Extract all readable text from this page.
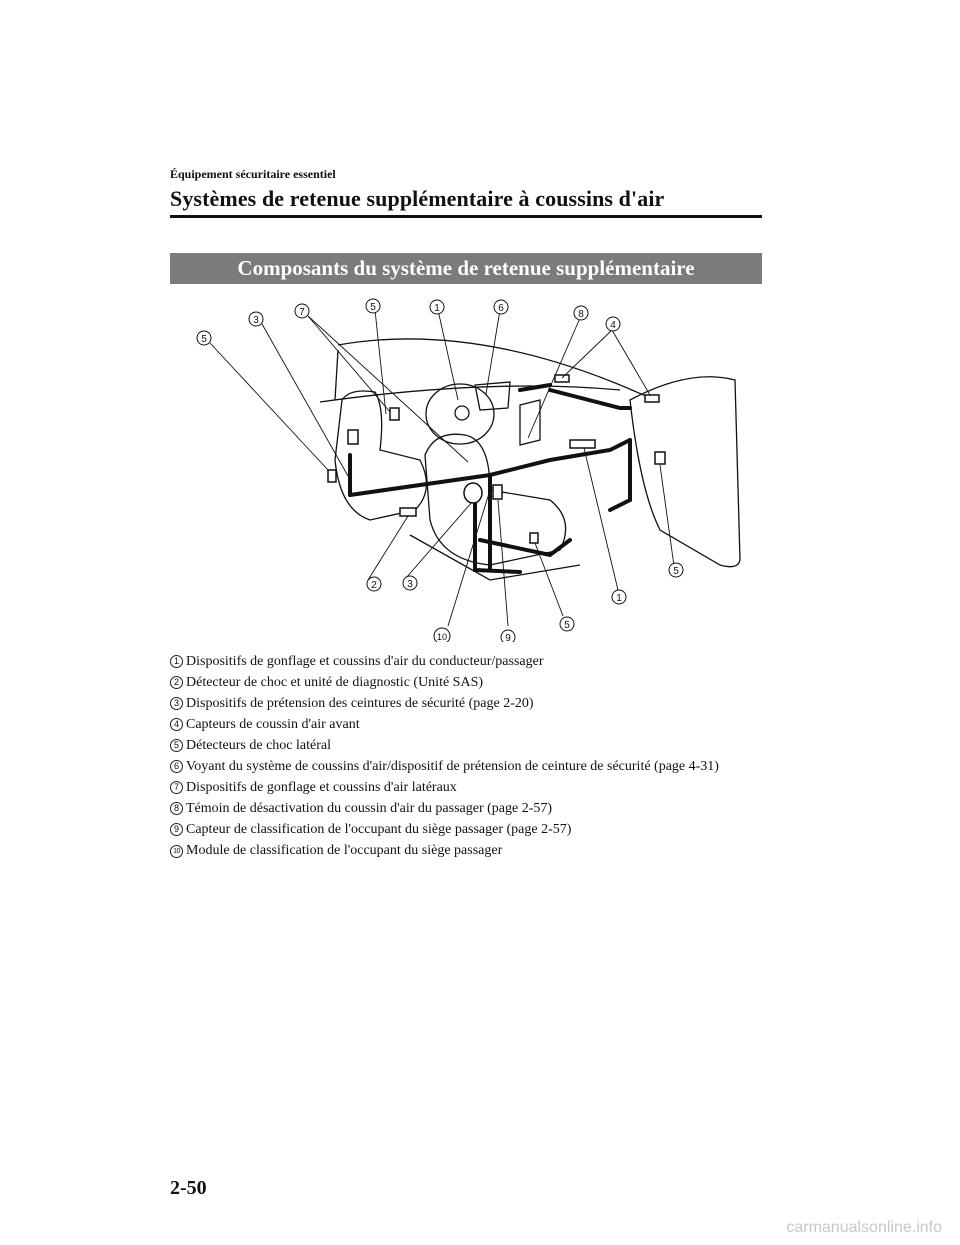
Équipement sécuritaire essentiel
Systèmes de retenue supplémentaire à coussins d'air
Composants du système de retenue supplémentaire
3
7	5	1	6
8
4
5
2	3
10	9
5
1
5
1 Dispositifs de gonflage et coussins d'air du conducteur/passager
2 Détecteur de choc et unité de diagnostic (Unité SAS)
3 Dispositifs de prétension des ceintures de sécurité (page 2-20)
4 Capteurs de coussin d'air avant
5 Détecteurs de choc latéral
6 Voyant du système de coussins d'air/dispositif de prétension de ceinture de sécurité (page 4-31)
7 Dispositifs de gonflage et coussins d'air latéraux
8 Témoin de désactivation du coussin d'air du passager (page 2-57)
9 Capteur de classification de l'occupant du siège passager (page 2-57)
10 Module de classification de l'occupant du siège passager
2-50
carmanualsonline.info
